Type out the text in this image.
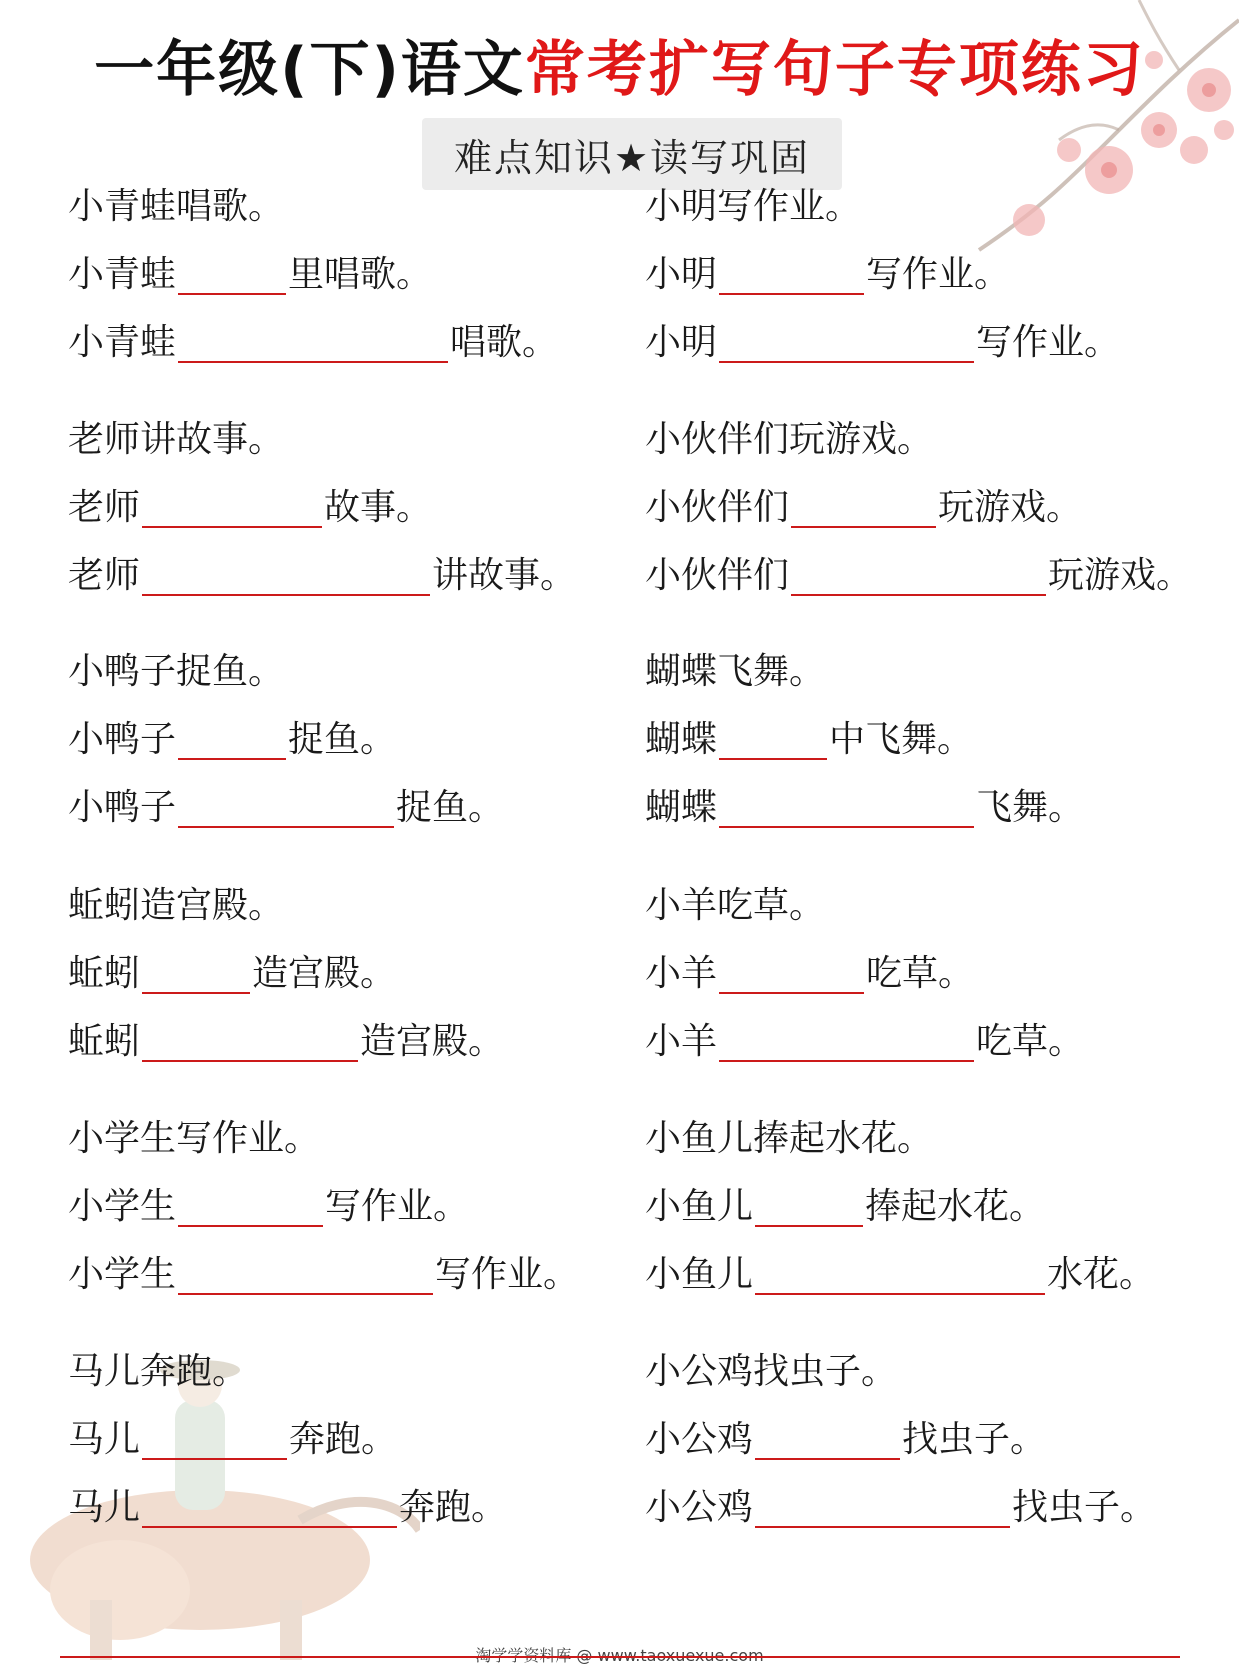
一年级(下)语文常考扩写句子专项练习
难点知识★读写巩固
小青蛙唱歌。
小青蛙	里唱歌。
小青蛙	唱歌。
老师讲故事。
老师	故事。
老师	讲故事。
小鸭子捉鱼。
小鸭子	捉鱼。
小鸭子	捉鱼。
蚯蚓造宫殿。
蚯蚓	造宫殿。
蚯蚓	造宫殿。
小学生写作业。
小学生	写作业。
小学生	写作业。
马儿奔跑。
马儿	奔跑。
马儿	奔跑。
小明写作业。
小明	写作业。
小明	写作业。
小伙伴们玩游戏。
小伙伴们	玩游戏。
小伙伴们	玩游戏。
蝴蝶飞舞。
蝴蝶	中飞舞。
蝴蝶	飞舞。
小羊吃草。
小羊	吃草。
小羊	吃草。
小鱼儿捧起水花。
小鱼儿	捧起水花。
小鱼儿	水花。
小公鸡找虫子。
小公鸡	找虫子。
小公鸡	找虫子。
